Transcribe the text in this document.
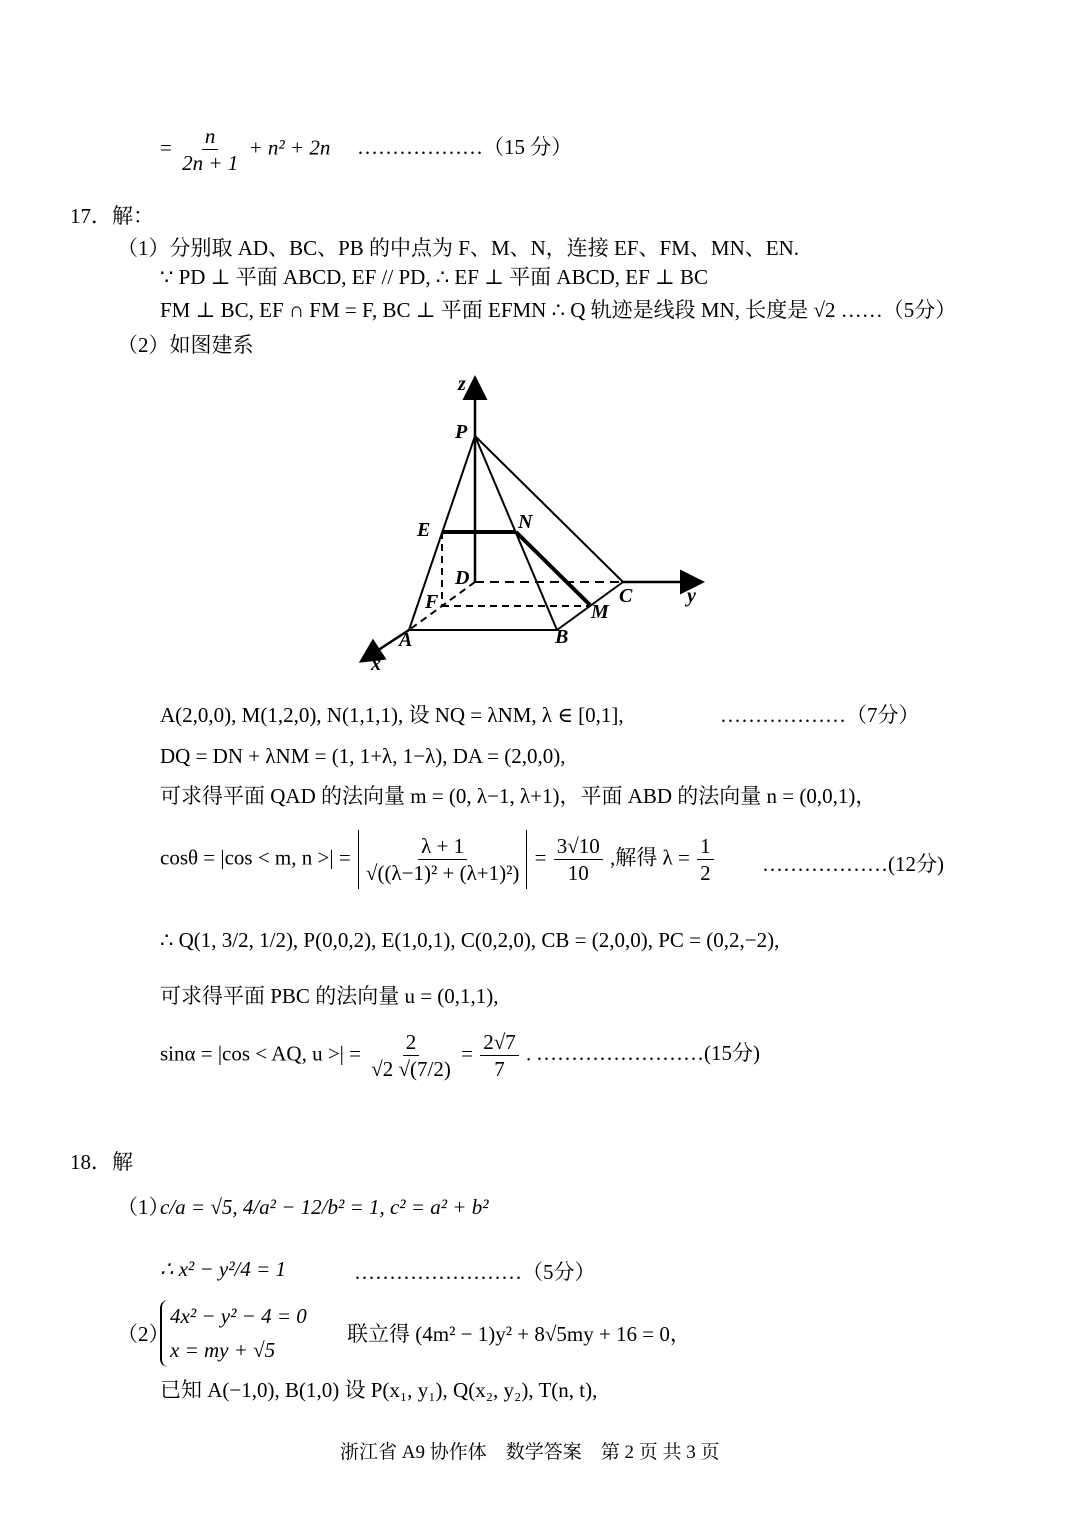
= $\frac{n}{2n + 1} + n^2 + 2n$ ………………（15 分）
17．解：
（1）分别取 AD、BC、PB 的中点为 F、M、N，连接 EF、FM、MN、EN.
∵ PD ⊥ 平面 ABCD, EF // PD, ∴ EF ⊥ 平面 ABCD, EF ⊥ BC
FM ⊥ BC, EF ∩ FM = F, BC ⊥ 平面 EFMN ∴ Q 轨迹是线段 MN, 长度是 √2 ……（5分）
（2）如图建系
z
P
E	N
D
F	C	y
M
A	B
x
A(2,0,0), M(1,2,0), N(1,1,1), 设 NQ = λNM, λ ∈ [0,1],	………………（7分）
DQ = DN + λNM = (1, 1+λ, 1−λ), DA = (2,0,0),
可求得平面 QAD 的法向量 m = (0, λ−1, λ+1)，平面 ABD 的法向量 n = (0,0,1)，
cosθ = |cos < m, n >| = $\frac{\lambda + 1}{\text{√((λ−1)² + (λ+1)²)}} = \frac{3√10}{10}$ ,解得 $\lambda = \frac{1}{2}$ ………………(12分)
∴ Q(1, 3/2, 1/2), P(0,0,2), E(1,0,1), C(0,2,0), CB = (2,0,0), PC = (0,2,−2),
可求得平面 PBC 的法向量 u = (0,1,1),
sinα = |cos < AQ, u >| = $\frac{2}{√2 √(7/2)} = \frac{2√7}{7}$ . ……………………(15分)
18．解
（1）
c/a = √5, 4/a² − 12/b² = 1, c² = a² + b²
∴ x² − y²/4 = 1	……………………（5分）
（2）
4x² − y² − 4 = 0
x = my + √5
联立得 (4m² − 1)y² + 8√5my + 16 = 0，
已知 A(−1,0), B(1,0) 设 P(x₁, y₁), Q(x₂, y₂), T(n, t),
浙江省 A9 协作体　数学答案　第 2 页 共 3 页
